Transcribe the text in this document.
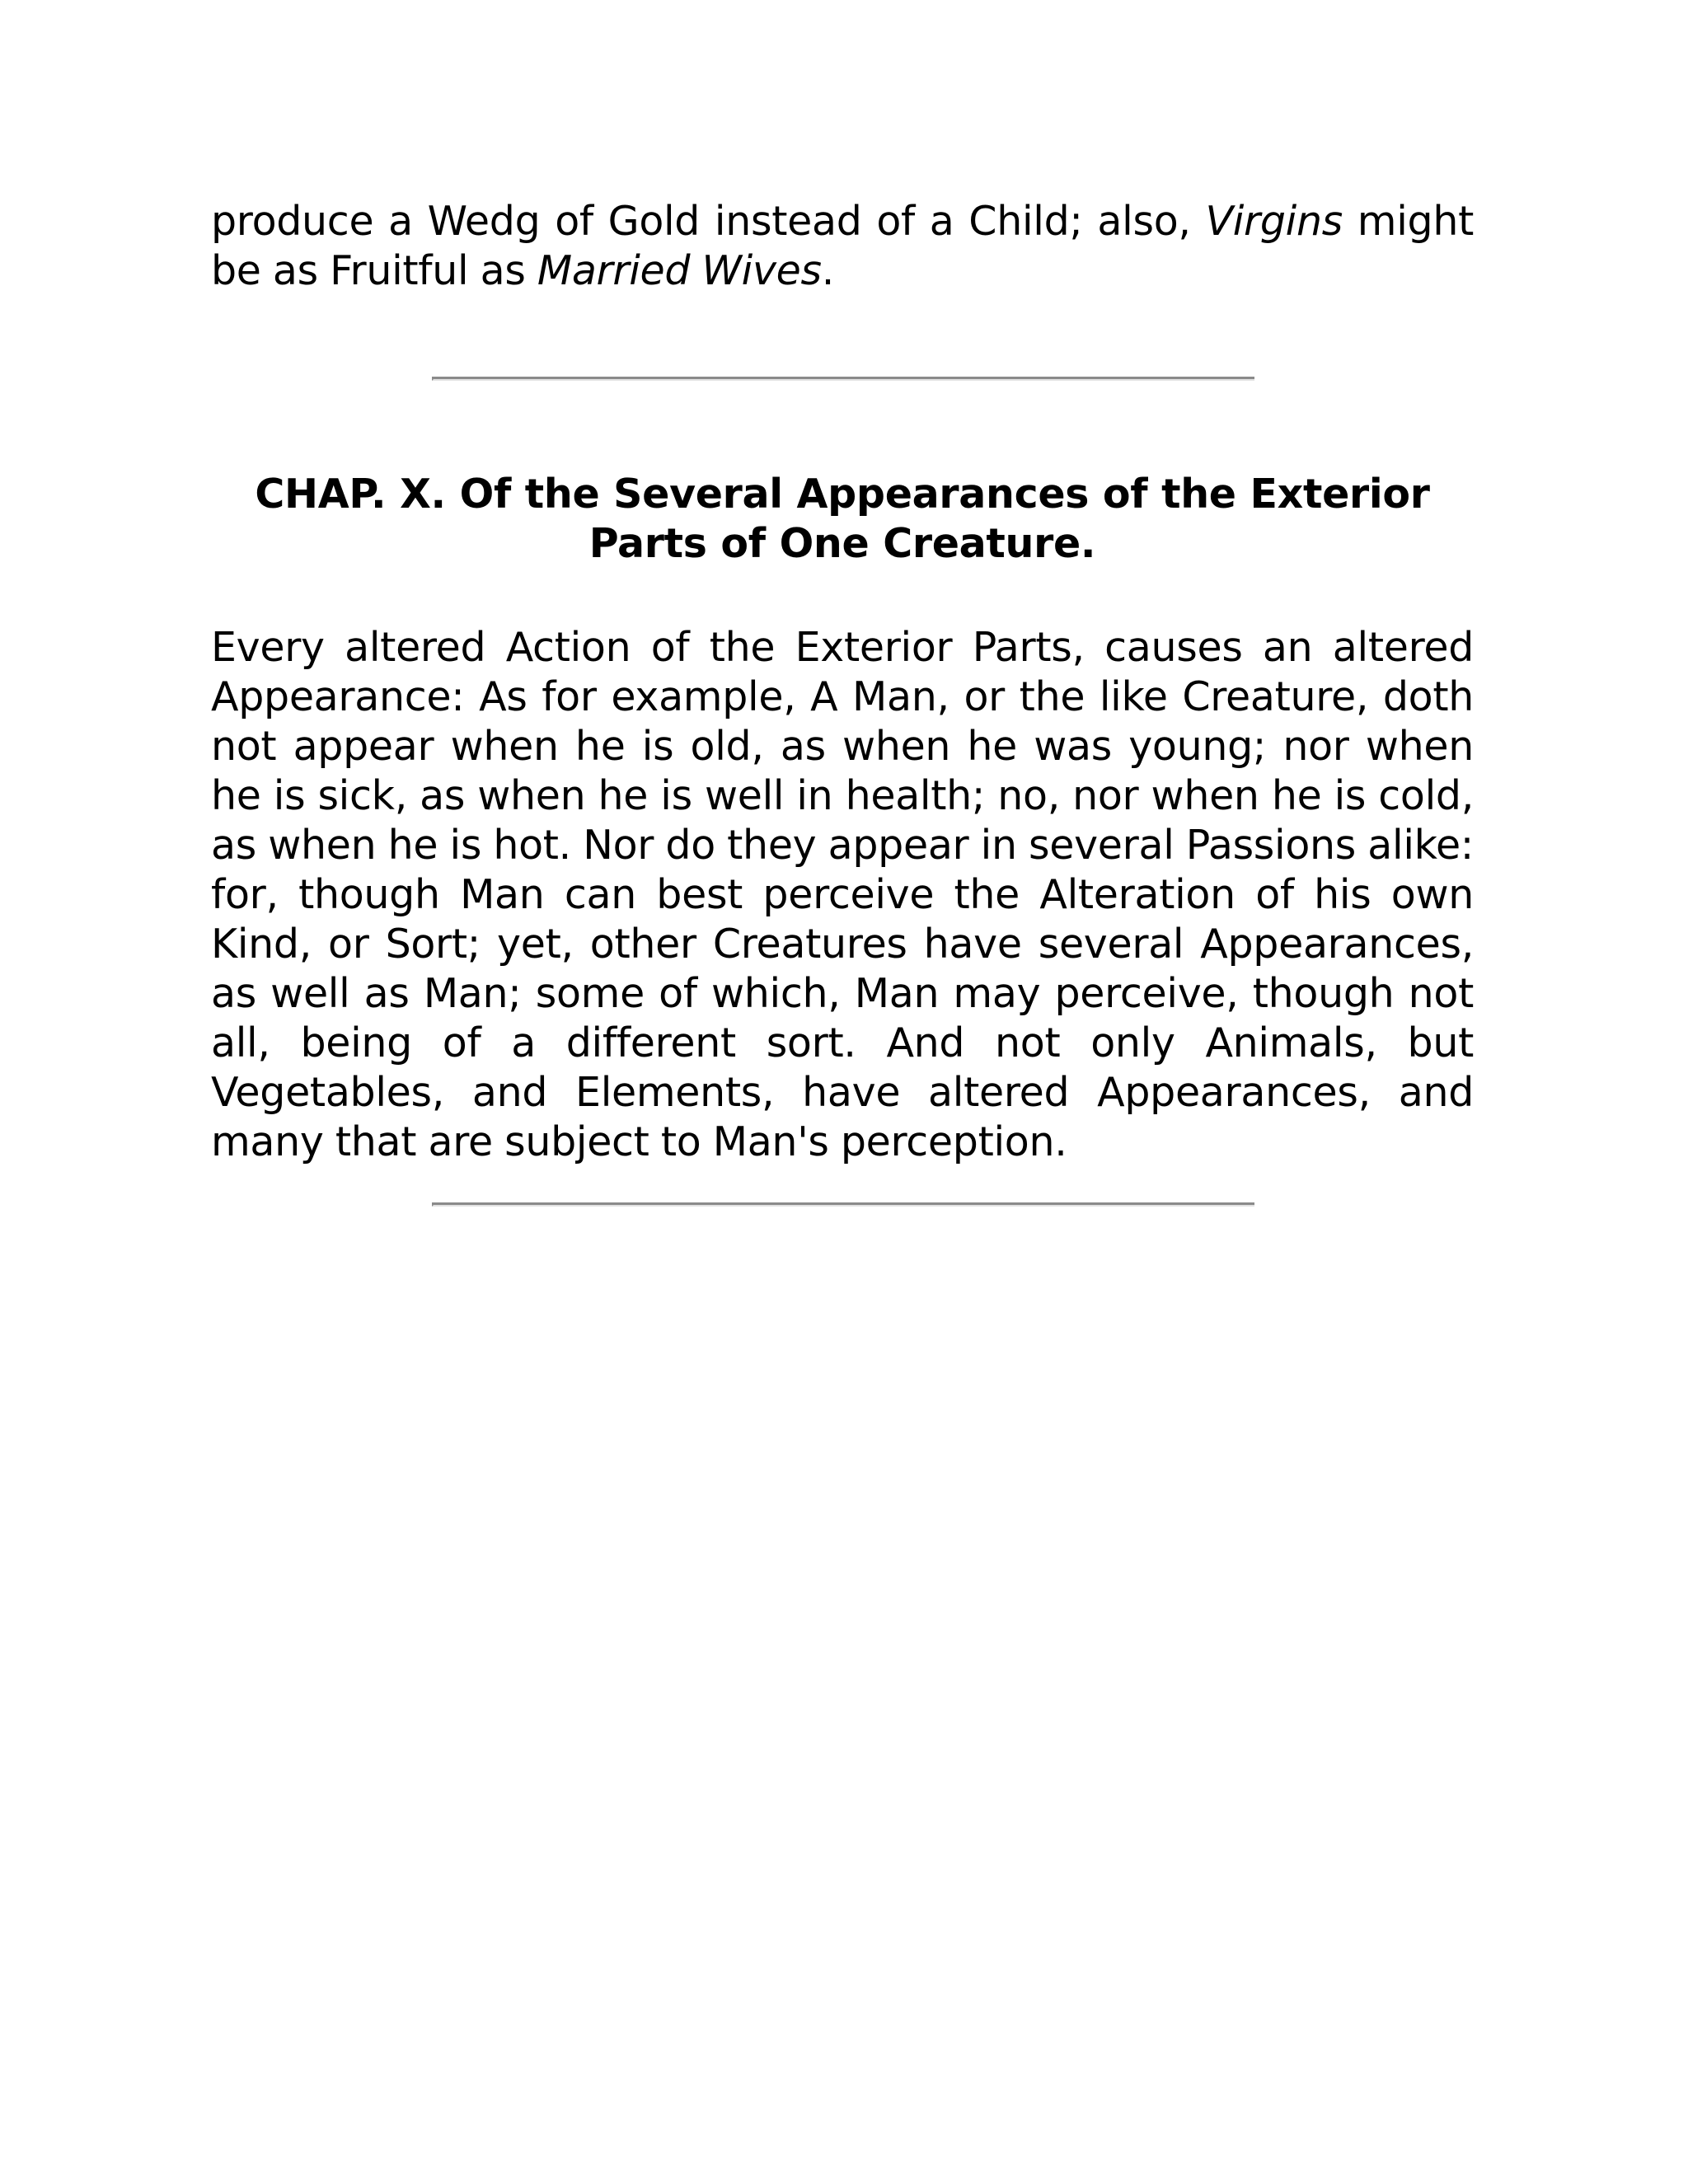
produce a Wedg of Gold instead of a Child; also, Virgins might be as Fruitful as Married Wives.

CHAP. X. Of the Several Appearances of the Exterior Parts of One Creature.

Every altered Action of the Exterior Parts, causes an altered Appearance: As for example, A Man, or the like Creature, doth not appear when he is old, as when he was young; nor when he is sick, as when he is well in health; no, nor when he is cold, as when he is hot. Nor do they appear in several Passions alike: for, though Man can best perceive the Alteration of his own Kind, or Sort; yet, other Creatures have several Appearances, as well as Man; some of which, Man may perceive, though not all, being of a different sort. And not only Animals, but Vegetables, and Elements, have altered Appearances, and many that are subject to Man's perception.
